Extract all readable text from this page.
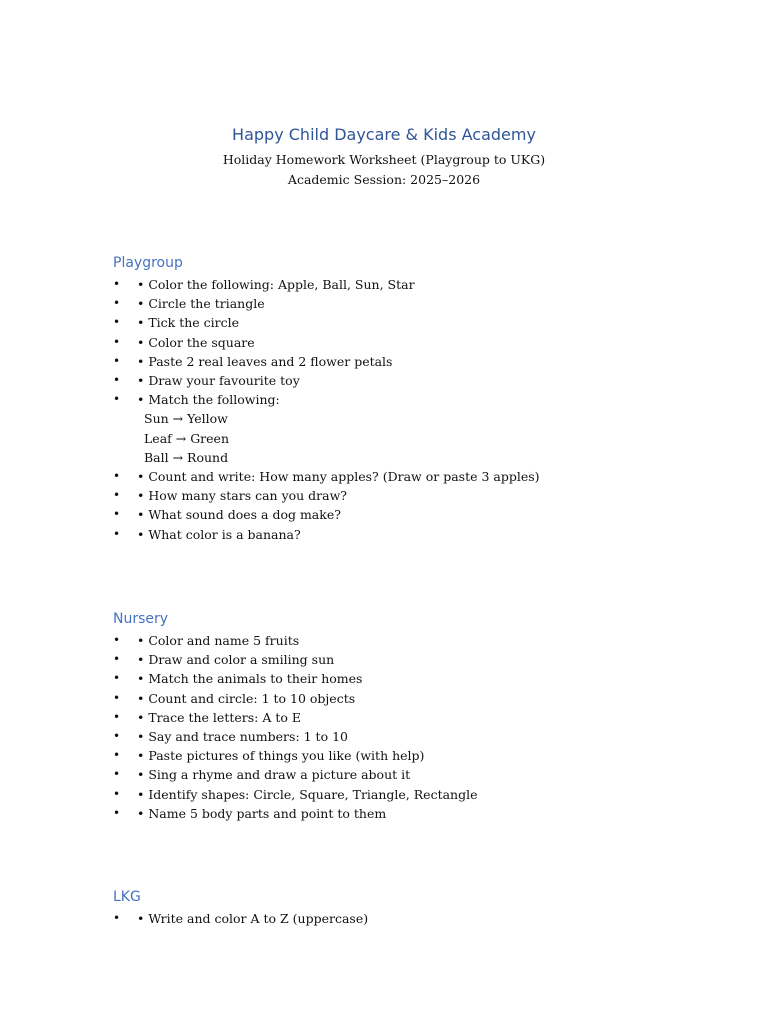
Happy Child Daycare & Kids Academy
Holiday Homework Worksheet (Playgroup to UKG)
Academic Session: 2025–2026
Playgroup
• • Color the following: Apple, Ball, Sun, Star
• • Circle the triangle
• • Tick the circle
• • Color the square
• • Paste 2 real leaves and 2 flower petals
• • Draw your favourite toy
• • Match the following:
Sun → Yellow
Leaf → Green
Ball → Round
• • Count and write: How many apples? (Draw or paste 3 apples)
• • How many stars can you draw?
• • What sound does a dog make?
• • What color is a banana?
Nursery
• • Color and name 5 fruits
• • Draw and color a smiling sun
• • Match the animals to their homes
• • Count and circle: 1 to 10 objects
• • Trace the letters: A to E
• • Say and trace numbers: 1 to 10
• • Paste pictures of things you like (with help)
• • Sing a rhyme and draw a picture about it
• • Identify shapes: Circle, Square, Triangle, Rectangle
• • Name 5 body parts and point to them
LKG
• • Write and color A to Z (uppercase)
